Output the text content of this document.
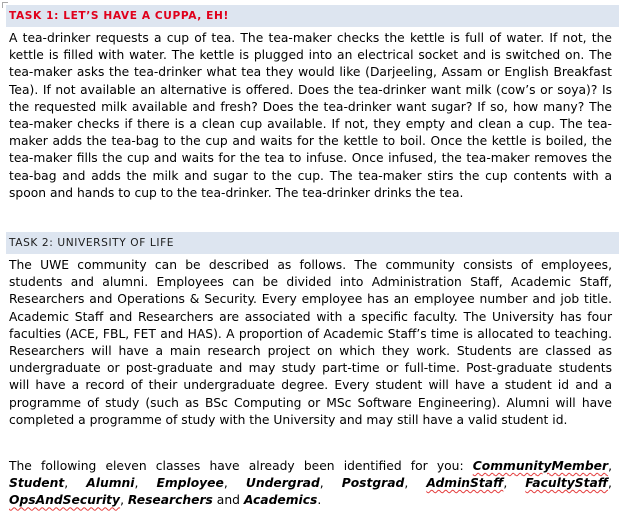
TASK 1: LET’S HAVE A CUPPA, EH!

A tea-drinker requests a cup of tea. The tea-maker checks the kettle is full of water. If not, the kettle is filled with water. The kettle is plugged into an electrical socket and is switched on. The tea-maker asks the tea-drinker what tea they would like (Darjeeling, Assam or English Breakfast Tea). If not available an alternative is offered. Does the tea-drinker want milk (cow’s or soya)? Is the requested milk available and fresh? Does the tea-drinker want sugar? If so, how many? The tea-maker checks if there is a clean cup available. If not, they empty and clean a cup. The tea-maker adds the tea-bag to the cup and waits for the kettle to boil. Once the kettle is boiled, the tea-maker fills the cup and waits for the tea to infuse. Once infused, the tea-maker removes the tea-bag and adds the milk and sugar to the cup. The tea-maker stirs the cup contents with a spoon and hands to cup to the tea-drinker. The tea-drinker drinks the tea.

TASK 2: UNIVERSITY OF LIFE

The UWE community can be described as follows. The community consists of employees, students and alumni. Employees can be divided into Administration Staff, Academic Staff, Researchers and Operations & Security. Every employee has an employee number and job title. Academic Staff and Researchers are associated with a specific faculty. The University has four faculties (ACE, FBL, FET and HAS). A proportion of Academic Staff’s time is allocated to teaching. Researchers will have a main research project on which they work. Students are classed as undergraduate or post-graduate and may study part-time or full-time. Post-graduate students will have a record of their undergraduate degree. Every student will have a student id and a programme of study (such as BSc Computing or MSc Software Engineering). Alumni will have completed a programme of study with the University and may still have a valid student id.

The following eleven classes have already been identified for you: CommunityMember, Student, Alumni, Employee, Undergrad, Postgrad, AdminStaff, FacultyStaff, OpsAndSecurity, Researchers and Academics.
